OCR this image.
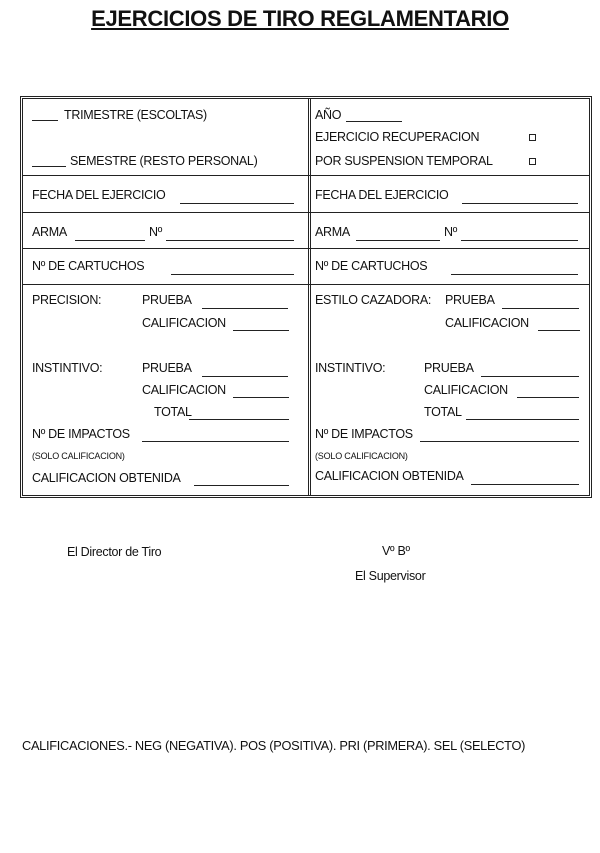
EJERCICIOS DE TIRO REGLAMENTARIO
TRIMESTRE (ESCOLTAS)
SEMESTRE (RESTO PERSONAL)
FECHA DEL EJERCICIO
ARMA	Nº
Nº DE CARTUCHOS
PRECISION:	PRUEBA
CALIFICACION
INSTINTIVO:	PRUEBA
CALIFICACION
TOTAL
Nº DE IMPACTOS
(SOLO CALIFICACION)
CALIFICACION OBTENIDA
AÑO
EJERCICIO RECUPERACION
POR SUSPENSION TEMPORAL
FECHA DEL EJERCICIO
ARMA	Nº
Nº DE CARTUCHOS
ESTILO CAZADORA: PRUEBA
CALIFICACION
INSTINTIVO:	PRUEBA
CALIFICACION
TOTAL
Nº DE IMPACTOS
(SOLO CALIFICACION)
CALIFICACION OBTENIDA
El Director de Tiro	Vº Bº
El Supervisor
CALIFICACIONES.- NEG (NEGATIVA). POS (POSITIVA). PRI (PRIMERA). SEL (SELECTO)
